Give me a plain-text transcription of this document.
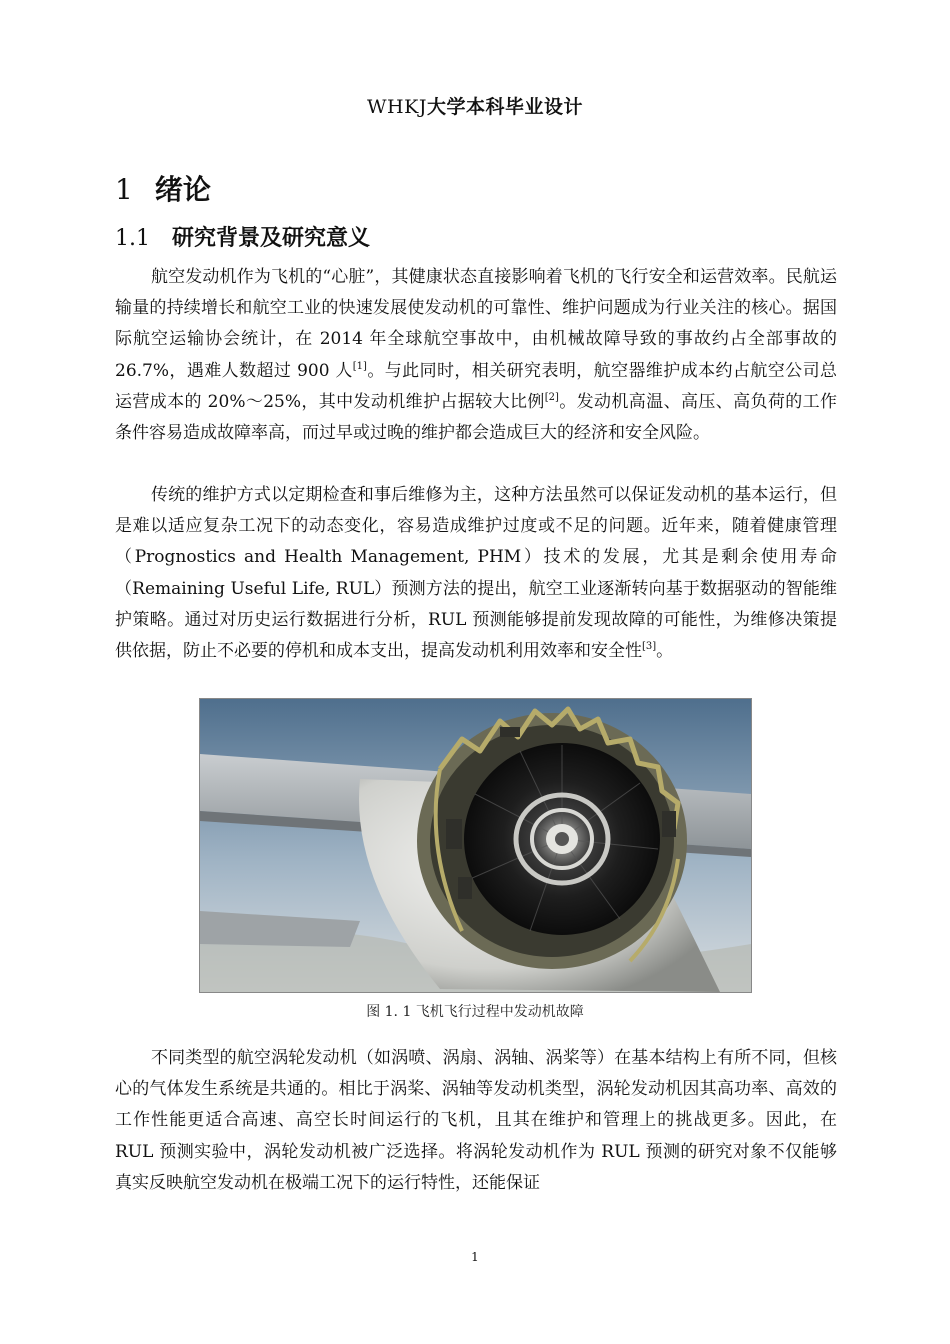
WHKJ大学本科毕业设计
1 绪论
1.1 研究背景及研究意义

航空发动机作为飞机的“心脏”，其健康状态直接影响着飞机的飞行安全和运营效率。民航运输量的持续增长和航空工业的快速发展使发动机的可靠性、维护问题成为行业关注的核心。据国际航空运输协会统计，在 2014 年全球航空事故中，由机械故障导致的事故约占全部事故的 26.7%，遇难人数超过 900 人[1]。与此同时，相关研究表明，航空器维护成本约占航空公司总运营成本的 20%～25%，其中发动机维护占据较大比例[2]。发动机高温、高压、高负荷的工作条件容易造成故障率高，而过早或过晚的维护都会造成巨大的经济和安全风险。

传统的维护方式以定期检查和事后维修为主，这种方法虽然可以保证发动机的基本运行，但是难以适应复杂工况下的动态变化，容易造成维护过度或不足的问题。近年来，随着健康管理（Prognostics and Health Management, PHM）技术的发展，尤其是剩余使用寿命（Remaining Useful Life, RUL）预测方法的提出，航空工业逐渐转向基于数据驱动的智能维护策略。通过对历史运行数据进行分析，RUL 预测能够提前发现故障的可能性，为维修决策提供依据，防止不必要的停机和成本支出，提高发动机利用效率和安全性[3]。

图 1. 1 飞机飞行过程中发动机故障

不同类型的航空涡轮发动机（如涡喷、涡扇、涡轴、涡桨等）在基本结构上有所不同，但核心的气体发生系统是共通的。相比于涡桨、涡轴等发动机类型，涡轮发动机因其高功率、高效的工作性能更适合高速、高空长时间运行的飞机，且其在维护和管理上的挑战更多。因此，在 RUL 预测实验中，涡轮发动机被广泛选择。将涡轮发动机作为 RUL 预测的研究对象不仅能够真实反映航空发动机在极端工况下的运行特性，还能保证

1
